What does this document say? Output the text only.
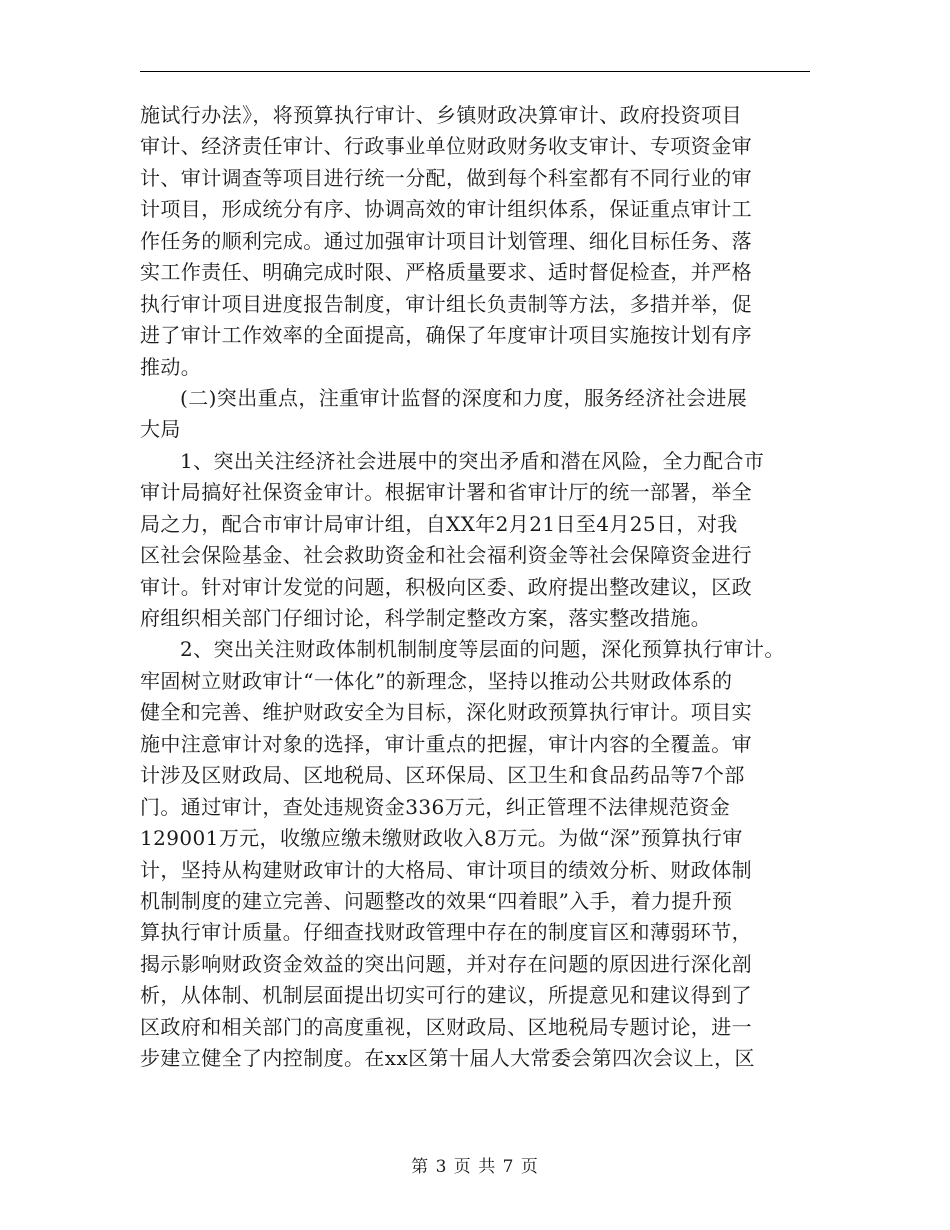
施试行办法》，将预算执行审计、乡镇财政决算审计、政府投资项目
审计、经济责任审计、行政事业单位财政财务收支审计、专项资金审
计、审计调查等项目进行统一分配，做到每个科室都有不同行业的审
计项目，形成统分有序、协调高效的审计组织体系，保证重点审计工
作任务的顺利完成。通过加强审计项目计划管理、细化目标任务、落
实工作责任、明确完成时限、严格质量要求、适时督促检查，并严格
执行审计项目进度报告制度，审计组长负责制等方法，多措并举，促
进了审计工作效率的全面提高，确保了年度审计项目实施按计划有序
推动。
(二)突出重点，注重审计监督的深度和力度，服务经济社会进展
大局
1、突出关注经济社会进展中的突出矛盾和潜在风险，全力配合市
审计局搞好社保资金审计。根据审计署和省审计厅的统一部署，举全
局之力，配合市审计局审计组，自XX年2月21日至4月25日，对我
区社会保险基金、社会救助资金和社会福利资金等社会保障资金进行
审计。针对审计发觉的问题，积极向区委、政府提出整改建议，区政
府组织相关部门仔细讨论，科学制定整改方案，落实整改措施。
2、突出关注财政体制机制制度等层面的问题，深化预算执行审计。
牢固树立财政审计“一体化”的新理念，坚持以推动公共财政体系的
健全和完善、维护财政安全为目标，深化财政预算执行审计。项目实
施中注意审计对象的选择，审计重点的把握，审计内容的全覆盖。审
计涉及区财政局、区地税局、区环保局、区卫生和食品药品等7个部
门。通过审计，查处违规资金336万元，纠正管理不法律规范资金
129001万元，收缴应缴未缴财政收入8万元。为做“深”预算执行审
计，坚持从构建财政审计的大格局、审计项目的绩效分析、财政体制
机制制度的建立完善、问题整改的效果“四着眼”入手，着力提升预
算执行审计质量。仔细查找财政管理中存在的制度盲区和薄弱环节，
揭示影响财政资金效益的突出问题，并对存在问题的原因进行深化剖
析，从体制、机制层面提出切实可行的建议，所提意见和建议得到了
区政府和相关部门的高度重视，区财政局、区地税局专题讨论，进一
步建立健全了内控制度。在xx区第十届人大常委会第四次会议上，区
第 3 页 共 7 页
